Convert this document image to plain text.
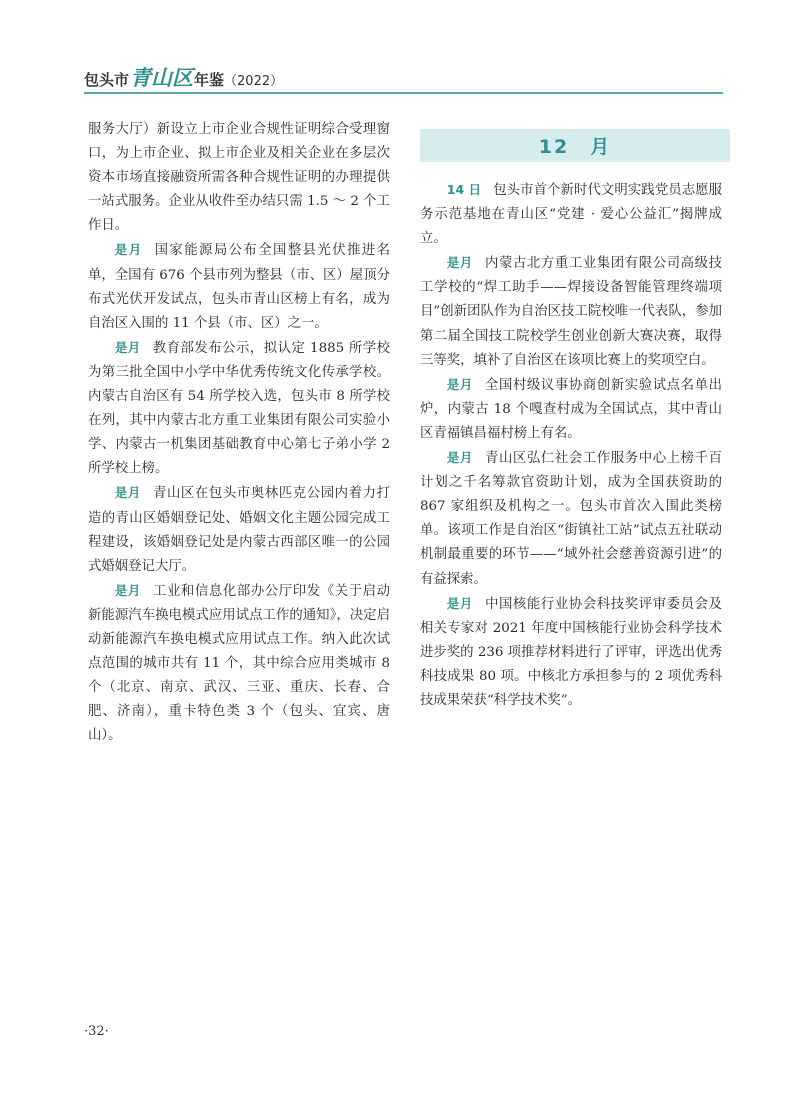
包头市 青山区 年鉴 （2022）

服务大厅）新设立上市企业合规性证明综合受理窗口，为上市企业、拟上市企业及相关企业在多层次资本市场直接融资所需各种合规性证明的办理提供一站式服务。企业从收件至办结只需 1.5 ～ 2 个工作日。

是月 国家能源局公布全国整县光伏推进名单，全国有 676 个县市列为整县（市、区）屋顶分布式光伏开发试点，包头市青山区榜上有名，成为自治区入围的 11 个县（市、区）之一。

是月 教育部发布公示，拟认定 1885 所学校为第三批全国中小学中华优秀传统文化传承学校。内蒙古自治区有 54 所学校入选，包头市 8 所学校在列，其中内蒙古北方重工业集团有限公司实验小学、内蒙古一机集团基础教育中心第七子弟小学 2 所学校上榜。

是月 青山区在包头市奥林匹克公园内着力打造的青山区婚姻登记处、婚姻文化主题公园完成工程建设，该婚姻登记处是内蒙古西部区唯一的公园式婚姻登记大厅。

是月 工业和信息化部办公厅印发《关于启动新能源汽车换电模式应用试点工作的通知》，决定启动新能源汽车换电模式应用试点工作。纳入此次试点范围的城市共有 11 个，其中综合应用类城市 8 个（北京、南京、武汉、三亚、重庆、长春、合肥、济南），重卡特色类 3 个（包头、宜宾、唐山）。

12　月

14 日 包头市首个新时代文明实践党员志愿服务示范基地在青山区“党建 · 爱心公益汇”揭牌成立。

是月 内蒙古北方重工业集团有限公司高级技工学校的“焊工助手——焊接设备智能管理终端项目”创新团队作为自治区技工院校唯一代表队，参加第二届全国技工院校学生创业创新大赛决赛，取得三等奖，填补了自治区在该项比赛上的奖项空白。

是月 全国村级议事协商创新实验试点名单出炉，内蒙古 18 个嘎查村成为全国试点，其中青山区青福镇昌福村榜上有名。

是月 青山区弘仁社会工作服务中心上榜千百计划之千名筹款官资助计划，成为全国获资助的 867 家组织及机构之一。包头市首次入围此类榜单。该项工作是自治区“街镇社工站”试点五社联动机制最重要的环节——“域外社会慈善资源引进”的有益探索。

是月 中国核能行业协会科技奖评审委员会及相关专家对 2021 年度中国核能行业协会科学技术进步奖的 236 项推荐材料进行了评审，评选出优秀科技成果 80 项。中核北方承担参与的 2 项优秀科技成果荣获“科学技术奖”。

·32·
